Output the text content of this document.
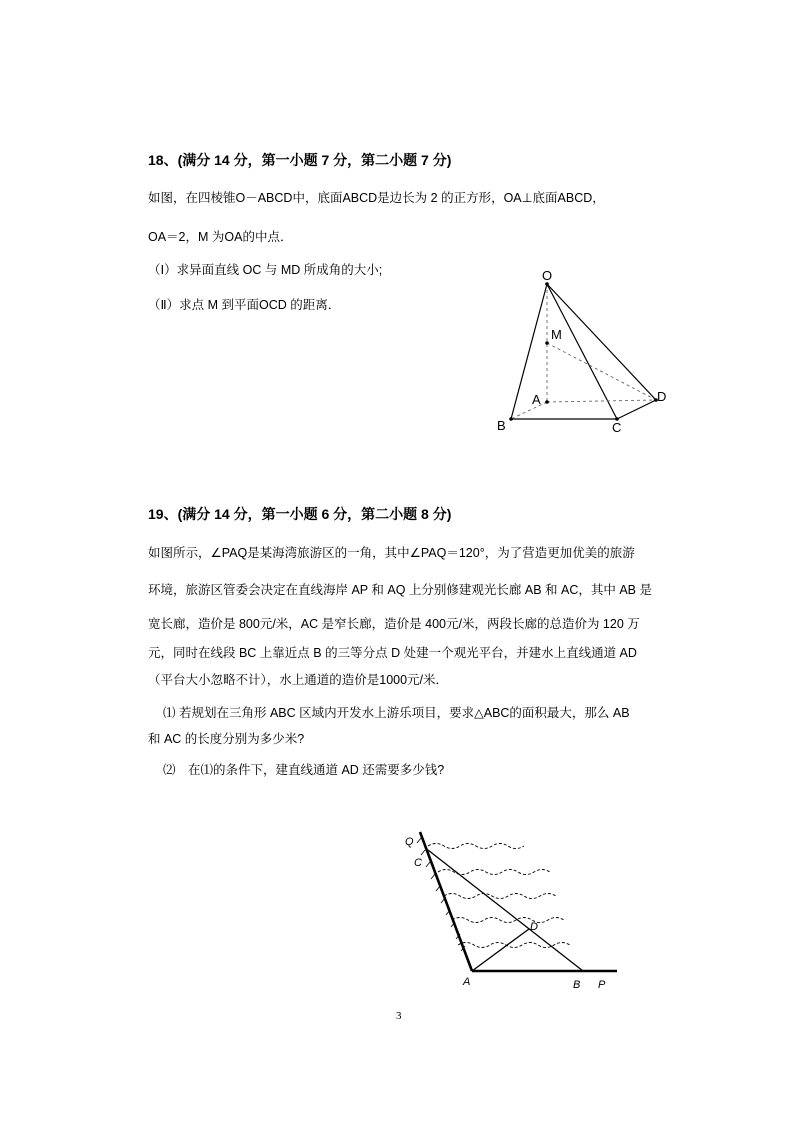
18、(满分 14 分，第一小题 7 分，第二小题 7 分)
如图，在四棱锥O－ABCD中，底面ABCD是边长为 2 的正方形，OA⊥底面ABCD，
OA＝2，M 为OA的中点．
（Ⅰ）求异面直线 OC 与 MD 所成角的大小;
（Ⅱ）求点 M 到平面OCD 的距离．
O
M
A
B	C
D
19、(满分 14 分，第一小题 6 分，第二小题 8 分)
如图所示，∠PAQ是某海湾旅游区的一角，其中∠PAQ＝120°，为了营造更加优美的旅游
环境，旅游区管委会决定在直线海岸 AP 和 AQ 上分别修建观光长廊 AB 和 AC，其中 AB 是
宽长廊，造价是 800元/米，AC 是窄长廊，造价是 400元/米，两段长廊的总造价为 120 万
元，同时在线段 BC 上靠近点 B 的三等分点 D 处建一个观光平台，并建水上直线通道 AD
（平台大小忽略不计），水上通道的造价是1000元/米．
⑴ 若规划在三角形 ABC 区域内开发水上游乐项目，要求△ABC的面积最大，那么 AB
和 AC 的长度分别为多少米?
⑵　在⑴的条件下，建直线通道 AD 还需要多少钱?
Q
C
D
A	B P
3
